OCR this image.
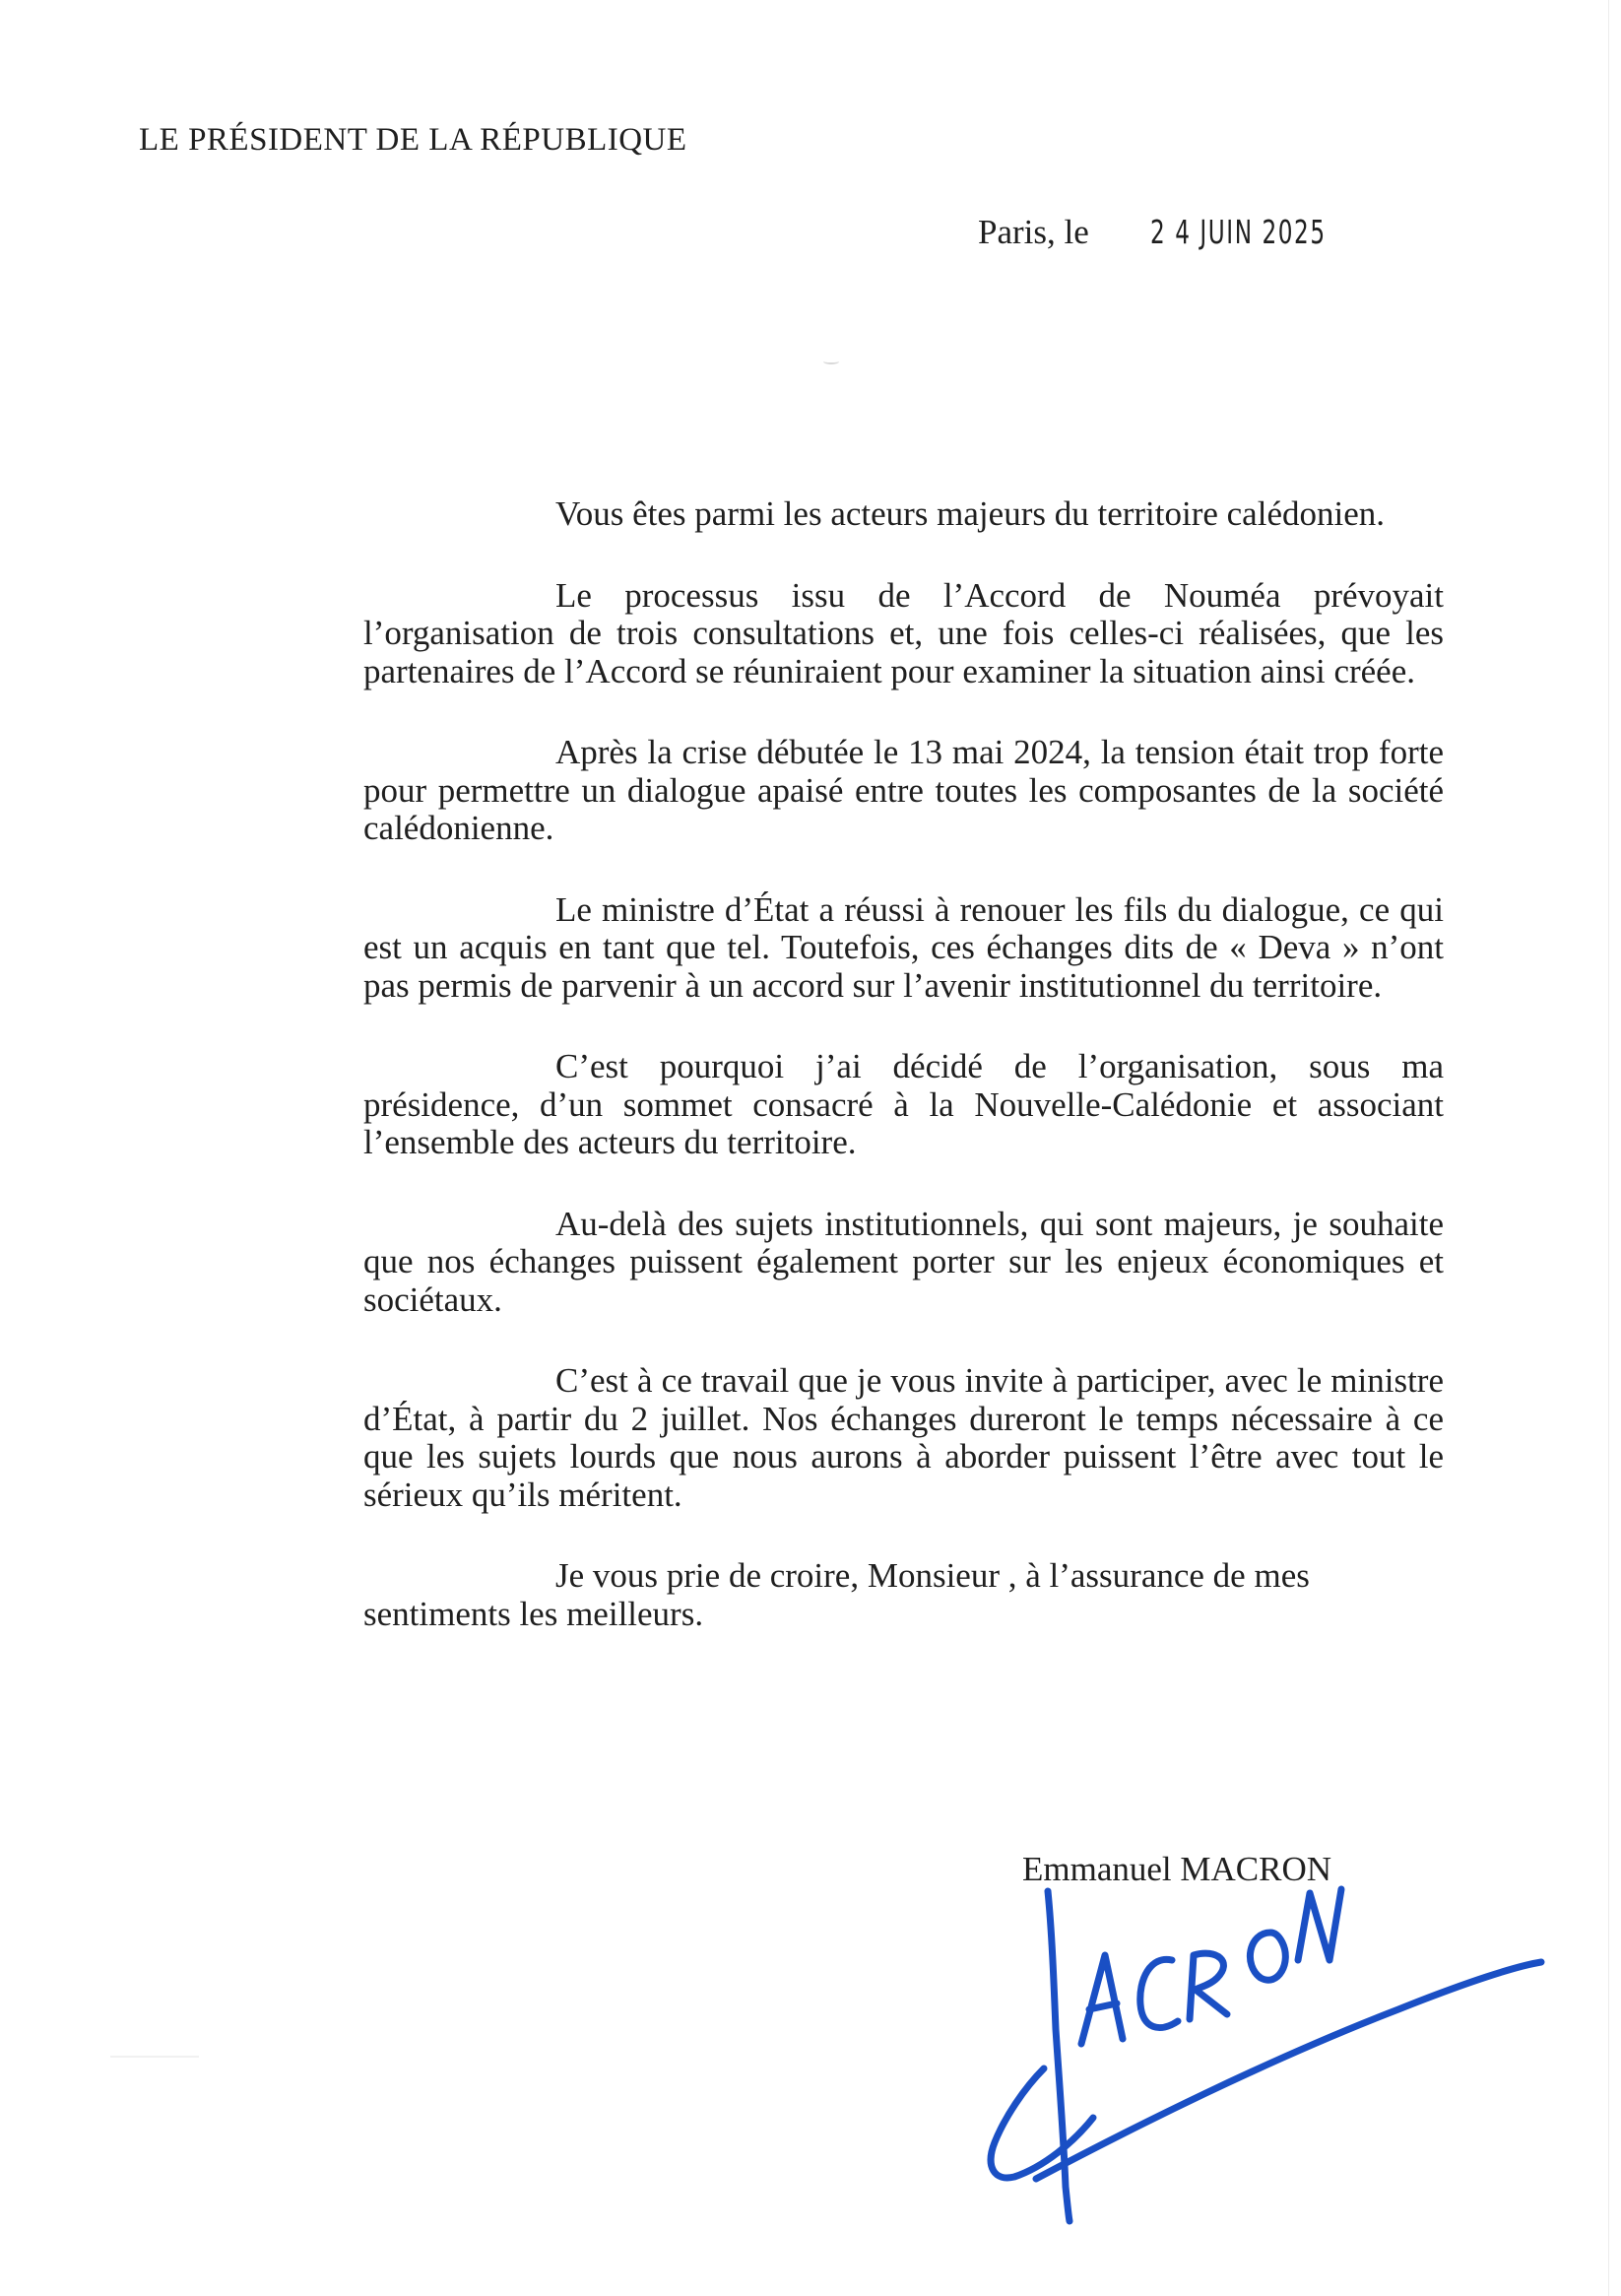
LE PRÉSIDENT DE LA RÉPUBLIQUE
Paris, le 2 4 JUIN 2025

Vous êtes parmi les acteurs majeurs du territoire calédonien.

Le processus issu de l’Accord de Nouméa prévoyait l’organisation de trois consultations et, une fois celles-ci réalisées, que les partenaires de l’Accord se réuniraient pour examiner la situation ainsi créée.

Après la crise débutée le 13 mai 2024, la tension était trop forte pour permettre un dialogue apaisé entre toutes les composantes de la société calédonienne.

Le ministre d’État a réussi à renouer les fils du dialogue, ce qui est un acquis en tant que tel. Toutefois, ces échanges dits de « Deva » n’ont pas permis de parvenir à un accord sur l’avenir institutionnel du territoire.

C’est pourquoi j’ai décidé de l’organisation, sous ma présidence, d’un sommet consacré à la Nouvelle-Calédonie et associant l’ensemble des acteurs du territoire.

Au-delà des sujets institutionnels, qui sont majeurs, je souhaite que nos échanges puissent également porter sur les enjeux économiques et sociétaux.

C’est à ce travail que je vous invite à participer, avec le ministre d’État, à partir du 2 juillet. Nos échanges dureront le temps nécessaire à ce que les sujets lourds que nous aurons à aborder puissent l’être avec tout le sérieux qu’ils méritent.

Je vous prie de croire, Monsieur , à l’assurance de mes sentiments les meilleurs.

Emmanuel MACRON
